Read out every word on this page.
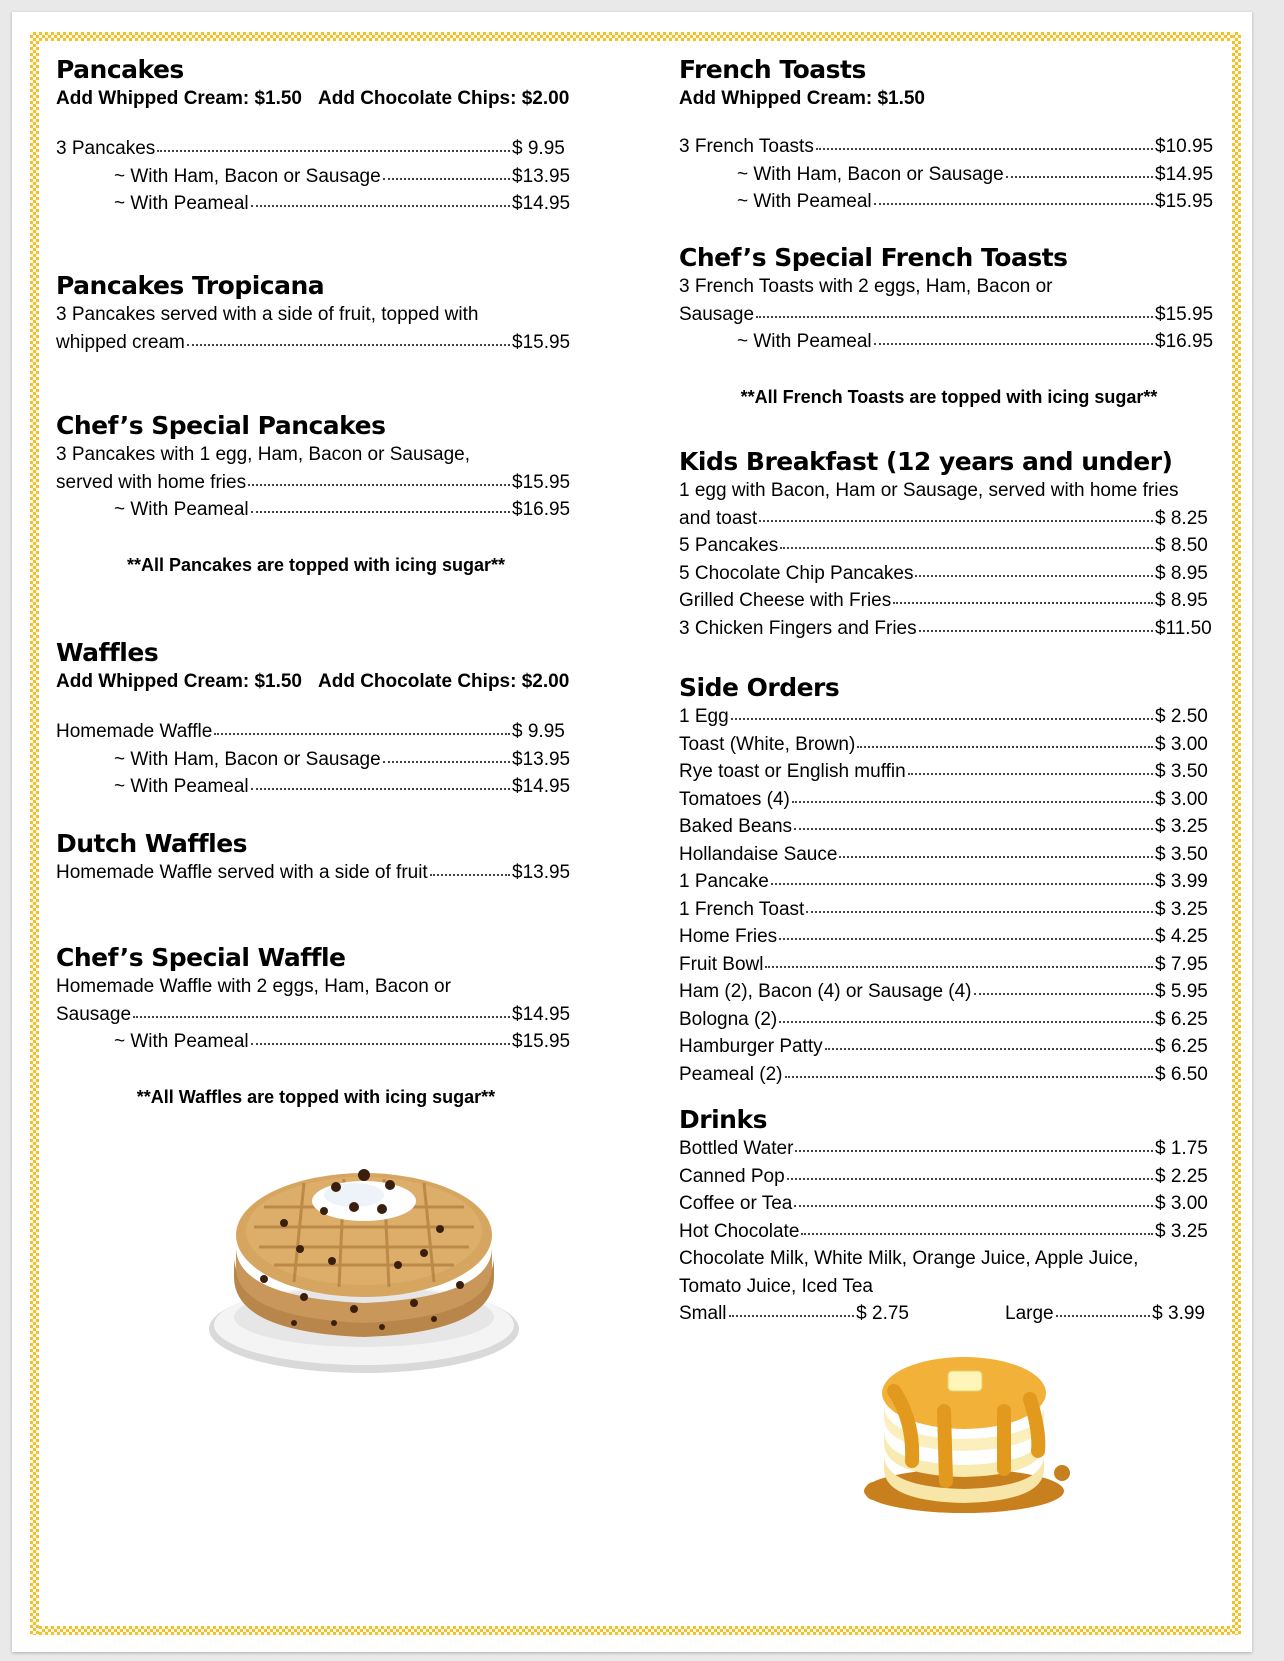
Pancakes
Add Whipped Cream: $1.50 Add Chocolate Chips: $2.00
3 Pancakes	$ 9.95
~ With Ham, Bacon or Sausage	$13.95
~ With Peameal	$14.95
Pancakes Tropicana
3 Pancakes served with a side of fruit, topped with
whipped cream	$15.95
Chef’s Special Pancakes
3 Pancakes with 1 egg, Ham, Bacon or Sausage,
served with home fries	$15.95
~ With Peameal	$16.95
**All Pancakes are topped with icing sugar**
Waffles
Add Whipped Cream: $1.50 Add Chocolate Chips: $2.00
Homemade Waffle	$ 9.95
~ With Ham, Bacon or Sausage	$13.95
~ With Peameal	$14.95
Dutch Waffles
Homemade Waffle served with a side of fruit	$13.95
Chef’s Special Waffle
Homemade Waffle with 2 eggs, Ham, Bacon or
Sausage	$14.95
~ With Peameal	$15.95
**All Waffles are topped with icing sugar**
French Toasts
Add Whipped Cream: $1.50
3 French Toasts	$10.95
~ With Ham, Bacon or Sausage	$14.95
~ With Peameal	$15.95
Chef’s Special French Toasts
3 French Toasts with 2 eggs, Ham, Bacon or
Sausage	$15.95
~ With Peameal	$16.95
**All French Toasts are topped with icing sugar**
Kids Breakfast (12 years and under)
1 egg with Bacon, Ham or Sausage, served with home fries
and toast	$ 8.25
5 Pancakes	$ 8.50
5 Chocolate Chip Pancakes	$ 8.95
Grilled Cheese with Fries	$ 8.95
3 Chicken Fingers and Fries	$11.50
Side Orders
1 Egg	$ 2.50
Toast (White, Brown)	$ 3.00
Rye toast or English muffin	$ 3.50
Tomatoes (4)	$ 3.00
Baked Beans	$ 3.25
Hollandaise Sauce	$ 3.50
1 Pancake	$ 3.99
1 French Toast	$ 3.25
Home Fries	$ 4.25
Fruit Bowl	$ 7.95
Ham (2), Bacon (4) or Sausage (4)	$ 5.95
Bologna (2)	$ 6.25
Hamburger Patty	$ 6.25
Peameal (2)	$ 6.50
Drinks
Bottled Water	$ 1.75
Canned Pop	$ 2.25
Coffee or Tea	$ 3.00
Hot Chocolate	$ 3.25
Chocolate Milk, White Milk, Orange Juice, Apple Juice,
Tomato Juice, Iced Tea
Small	$ 2.75	Large	$ 3.99
